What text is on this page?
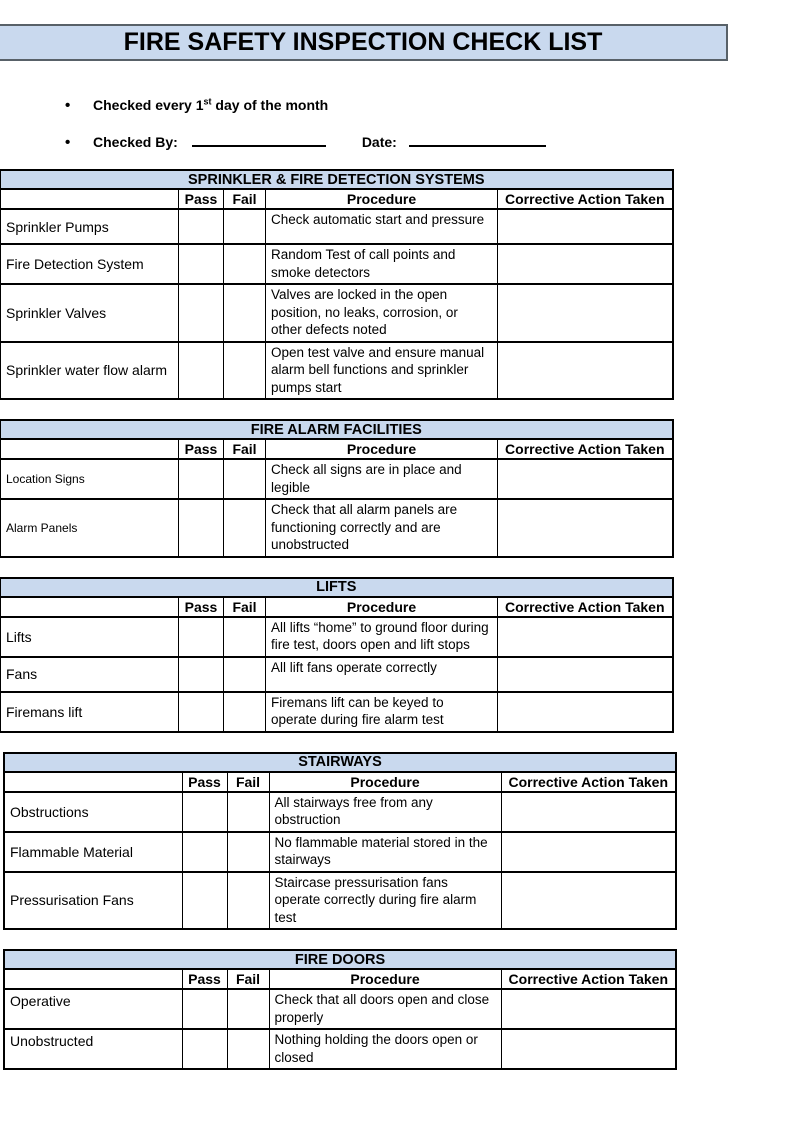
FIRE SAFETY INSPECTION CHECK LIST
• Checked every 1st day of the month
• Checked By:	Date:
SPRINKLER & FIRE DETECTION SYSTEMS				
	Pass	Fail	Procedure	Corrective Action Taken
Sprinkler Pumps			Check automatic start and pressure	
Fire Detection System			Random Test of call points and smoke detectors	
Sprinkler Valves			Valves are locked in the open position, no leaks, corrosion, or other defects noted	
Sprinkler water flow alarm			Open test valve and ensure manual alarm bell functions and sprinkler pumps start	
FIRE ALARM FACILITIES				
	Pass	Fail	Procedure	Corrective Action Taken
Location Signs			Check all signs are in place and legible	
Alarm Panels			Check that all alarm panels are functioning correctly and are unobstructed	
LIFTS				
	Pass	Fail	Procedure	Corrective Action Taken
Lifts			All lifts “home” to ground floor during fire test, doors open and lift stops	
Fans			All lift fans operate correctly	
Firemans lift			Firemans lift can be keyed to operate during fire alarm test	
STAIRWAYS				
	Pass	Fail	Procedure	Corrective Action Taken
Obstructions			All stairways free from any obstruction	
Flammable Material			No flammable material stored in the stairways	
Pressurisation Fans			Staircase pressurisation fans operate correctly during fire alarm test	
FIRE DOORS				
	Pass	Fail	Procedure	Corrective Action Taken
Operative			Check that all doors open and close properly	
Unobstructed			Nothing holding the doors open or closed	
